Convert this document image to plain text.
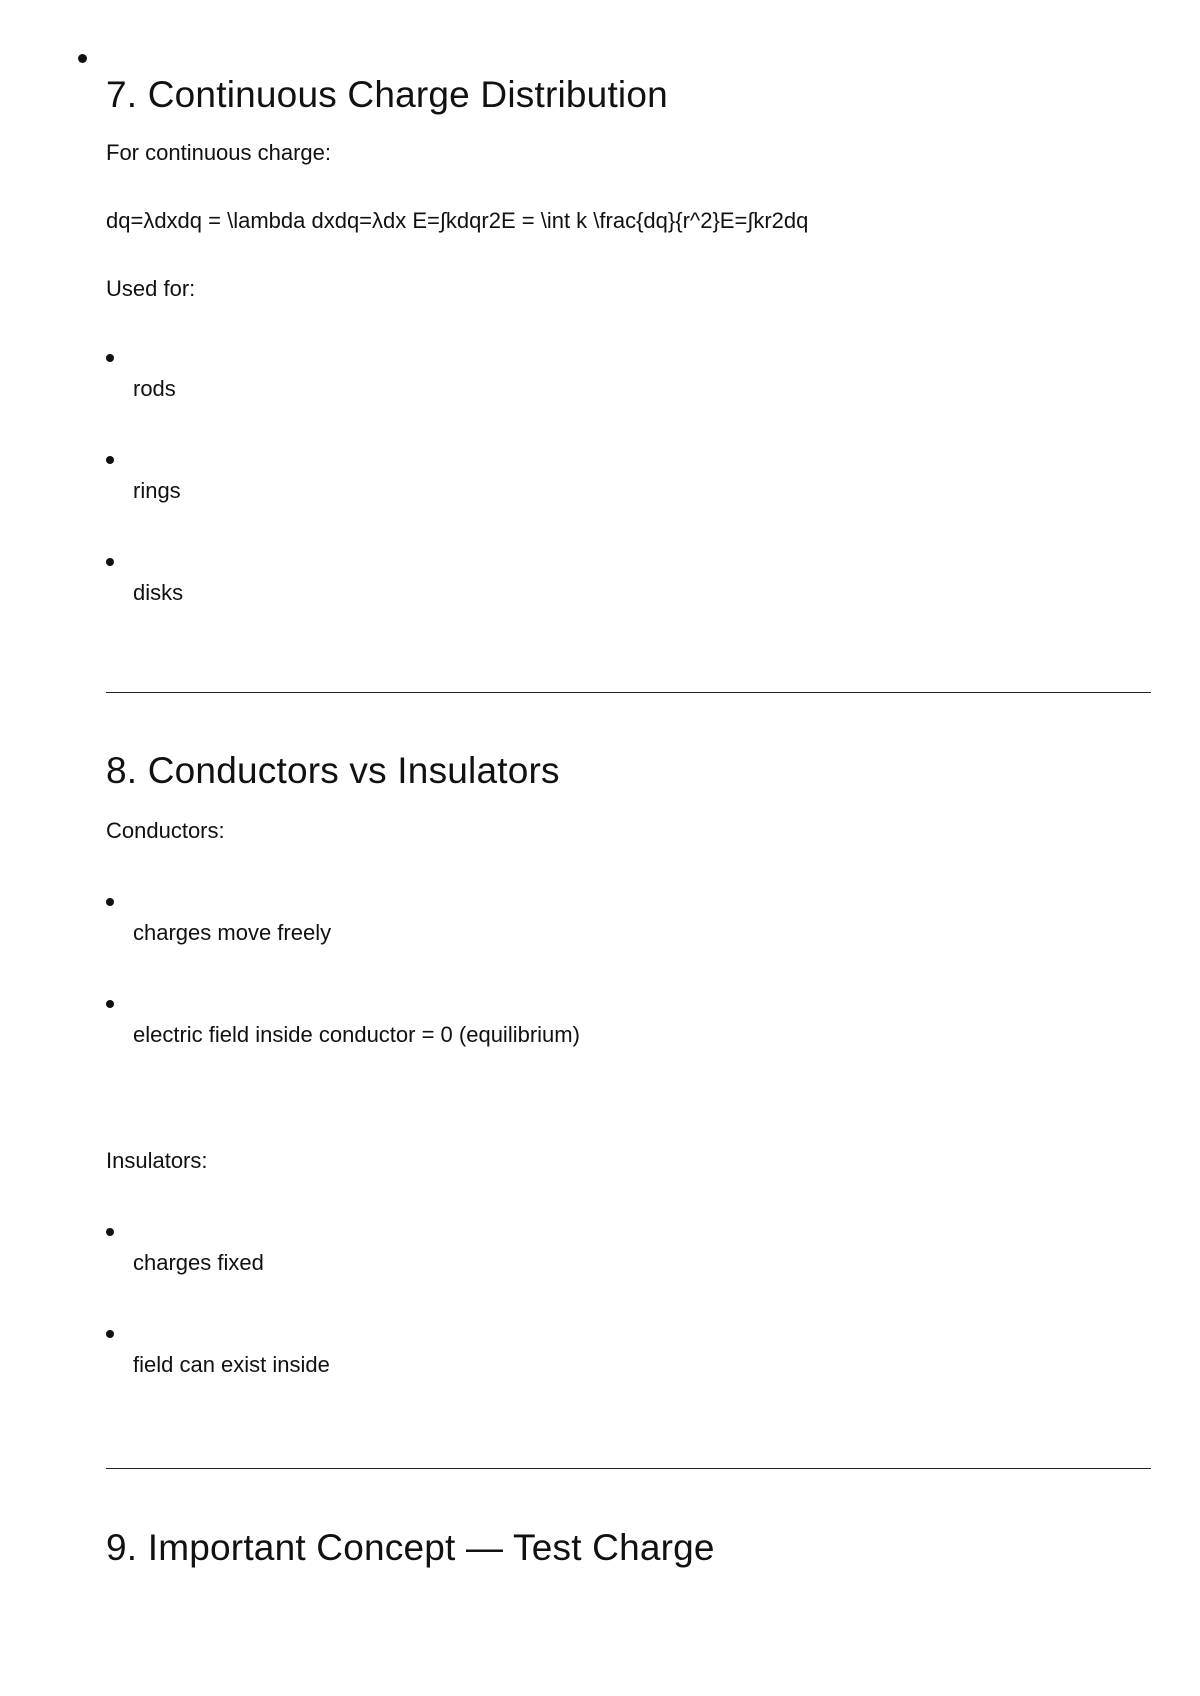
7. Continuous Charge Distribution

For continuous charge:

dq=λdxdq = \lambda dxdq=λdx E=∫kdqr2E = \int k \frac{dq}{r^2}E=∫kr2dq

Used for:

rods
rings
disks
8. Conductors vs Insulators

Conductors:

charges move freely
electric field inside conductor = 0 (equilibrium)

Insulators:

charges fixed
field can exist inside
9. Important Concept — Test Charge
